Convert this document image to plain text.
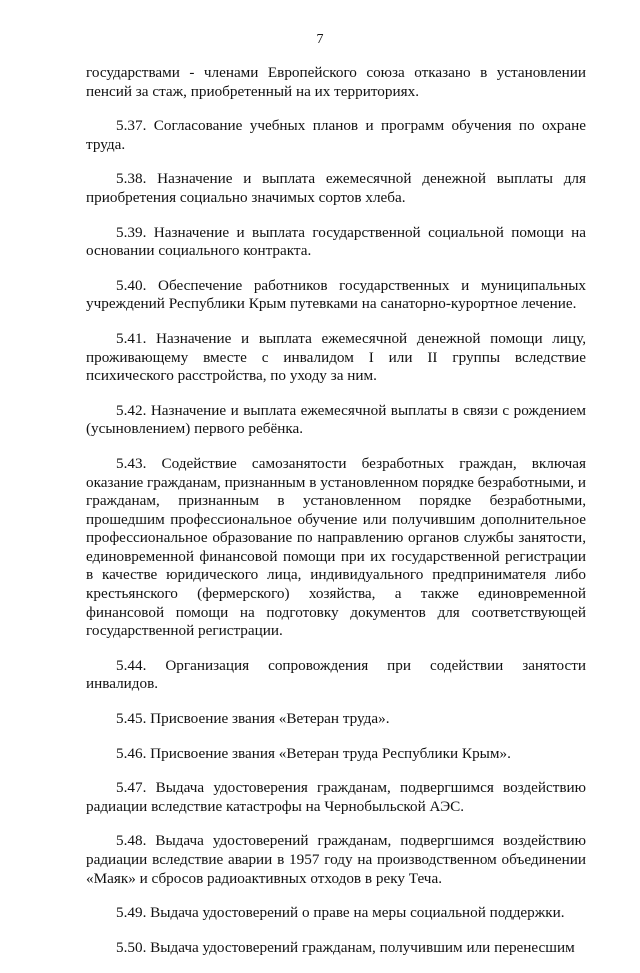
7

государствами - членами Европейского союза отказано в установлении пенсий за стаж, приобретенный на их территориях.

5.37. Согласование учебных планов и программ обучения по охране труда.

5.38. Назначение и выплата ежемесячной денежной выплаты для приобретения социально значимых сортов хлеба.

5.39. Назначение и выплата государственной социальной помощи на основании социального контракта.

5.40. Обеспечение работников государственных и муниципальных учреждений Республики Крым путевками на санаторно-курортное лечение.

5.41. Назначение и выплата ежемесячной денежной помощи лицу, проживающему вместе с инвалидом I или II группы вследствие психического расстройства, по уходу за ним.

5.42. Назначение и выплата ежемесячной выплаты в связи с рождением (усыновлением) первого ребёнка.

5.43. Содействие самозанятости безработных граждан, включая оказание гражданам, признанным в установленном порядке безработными, и гражданам, признанным в установленном порядке безработными, прошедшим профессиональное обучение или получившим дополнительное профессиональное образование по направлению органов службы занятости, единовременной финансовой помощи при их государственной регистрации в качестве юридического лица, индивидуального предпринимателя либо крестьянского (фермерского) хозяйства, а также единовременной финансовой помощи на подготовку документов для соответствующей государственной регистрации.

5.44. Организация сопровождения при содействии занятости инвалидов.

5.45. Присвоение звания «Ветеран труда».

5.46. Присвоение звания «Ветеран труда Республики Крым».

5.47. Выдача удостоверения гражданам, подвергшимся воздействию радиации вследствие катастрофы на Чернобыльской АЭС.

5.48. Выдача удостоверений гражданам, подвергшимся воздействию радиации вследствие аварии в 1957 году на производственном объединении «Маяк» и сбросов радиоактивных отходов в реку Теча.

5.49. Выдача удостоверений о праве на меры социальной поддержки.

5.50. Выдача удостоверений гражданам, получившим или перенесшим
